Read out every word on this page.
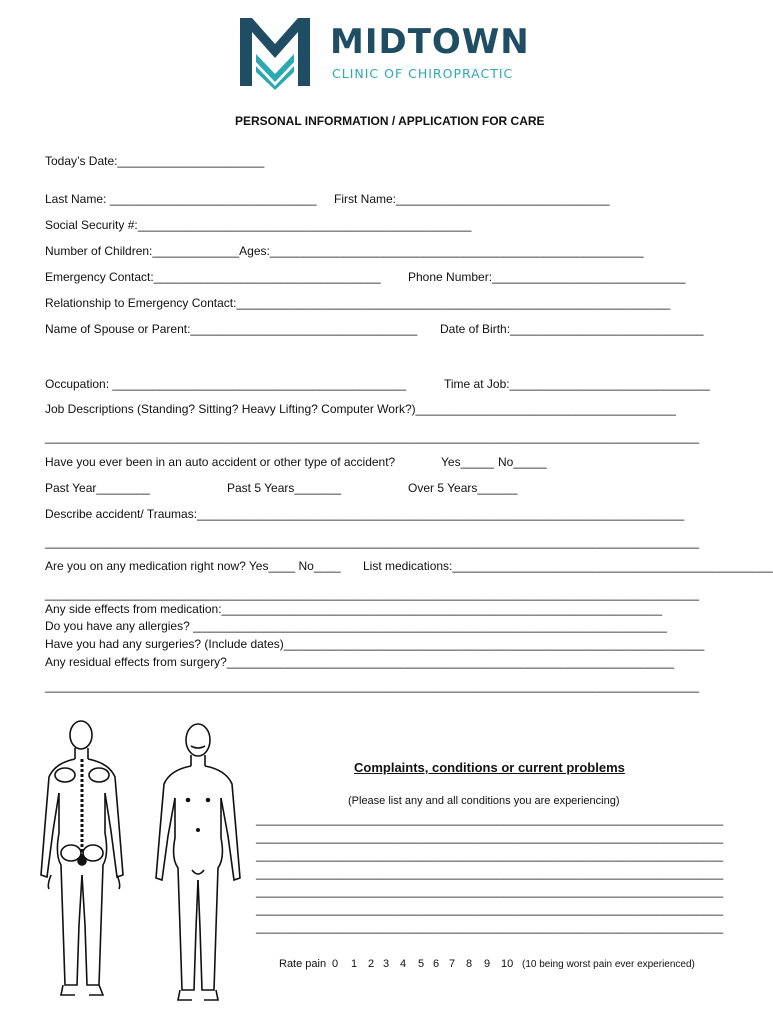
MIDTOWN

CLINIC OF CHIROPRACTIC

PERSONAL INFORMATION / APPLICATION FOR CARE
Today’s Date:______________________
Last Name: _______________________________ First Name:________________________________
Social Security #:__________________________________________________
Number of Children:_____________Ages:________________________________________________________
Emergency Contact:__________________________________ Phone Number:_____________________________
Relationship to Emergency Contact:_________________________________________________________________
Name of Spouse or Parent:__________________________________ Date of Birth:_____________________________
Occupation: ____________________________________________	Time at Job:______________________________
Job Descriptions (Standing? Sitting? Heavy Lifting? Computer Work?)_______________________________________
__________________________________________________________________________________________________
Have you ever been in an auto accident or other type of accident?	Yes_____ No_____
Past Year________	Past 5 Years_______	Over 5 Years______
Describe accident/ Traumas:_________________________________________________________________________
__________________________________________________________________________________________________
Are you on any medication right now? Yes____ No____ List medications:________________________________________________
__________________________________________________________________________________________________
Any side effects from medication:__________________________________________________________________
Do you have any allergies? _______________________________________________________________________
Have you had any surgeries? (Include dates)_______________________________________________________________
Any residual effects from surgery?___________________________________________________________________
__________________________________________________________________________________________________
Complaints, conditions or current problems
(Please list any and all conditions you are experiencing)
______________________________________________________________________
______________________________________________________________________
______________________________________________________________________
______________________________________________________________________
______________________________________________________________________
______________________________________________________________________
______________________________________________________________________
Rate pain 0 1 2 3 4 5 6 7 8 9 10 (10 being worst pain ever experienced)
